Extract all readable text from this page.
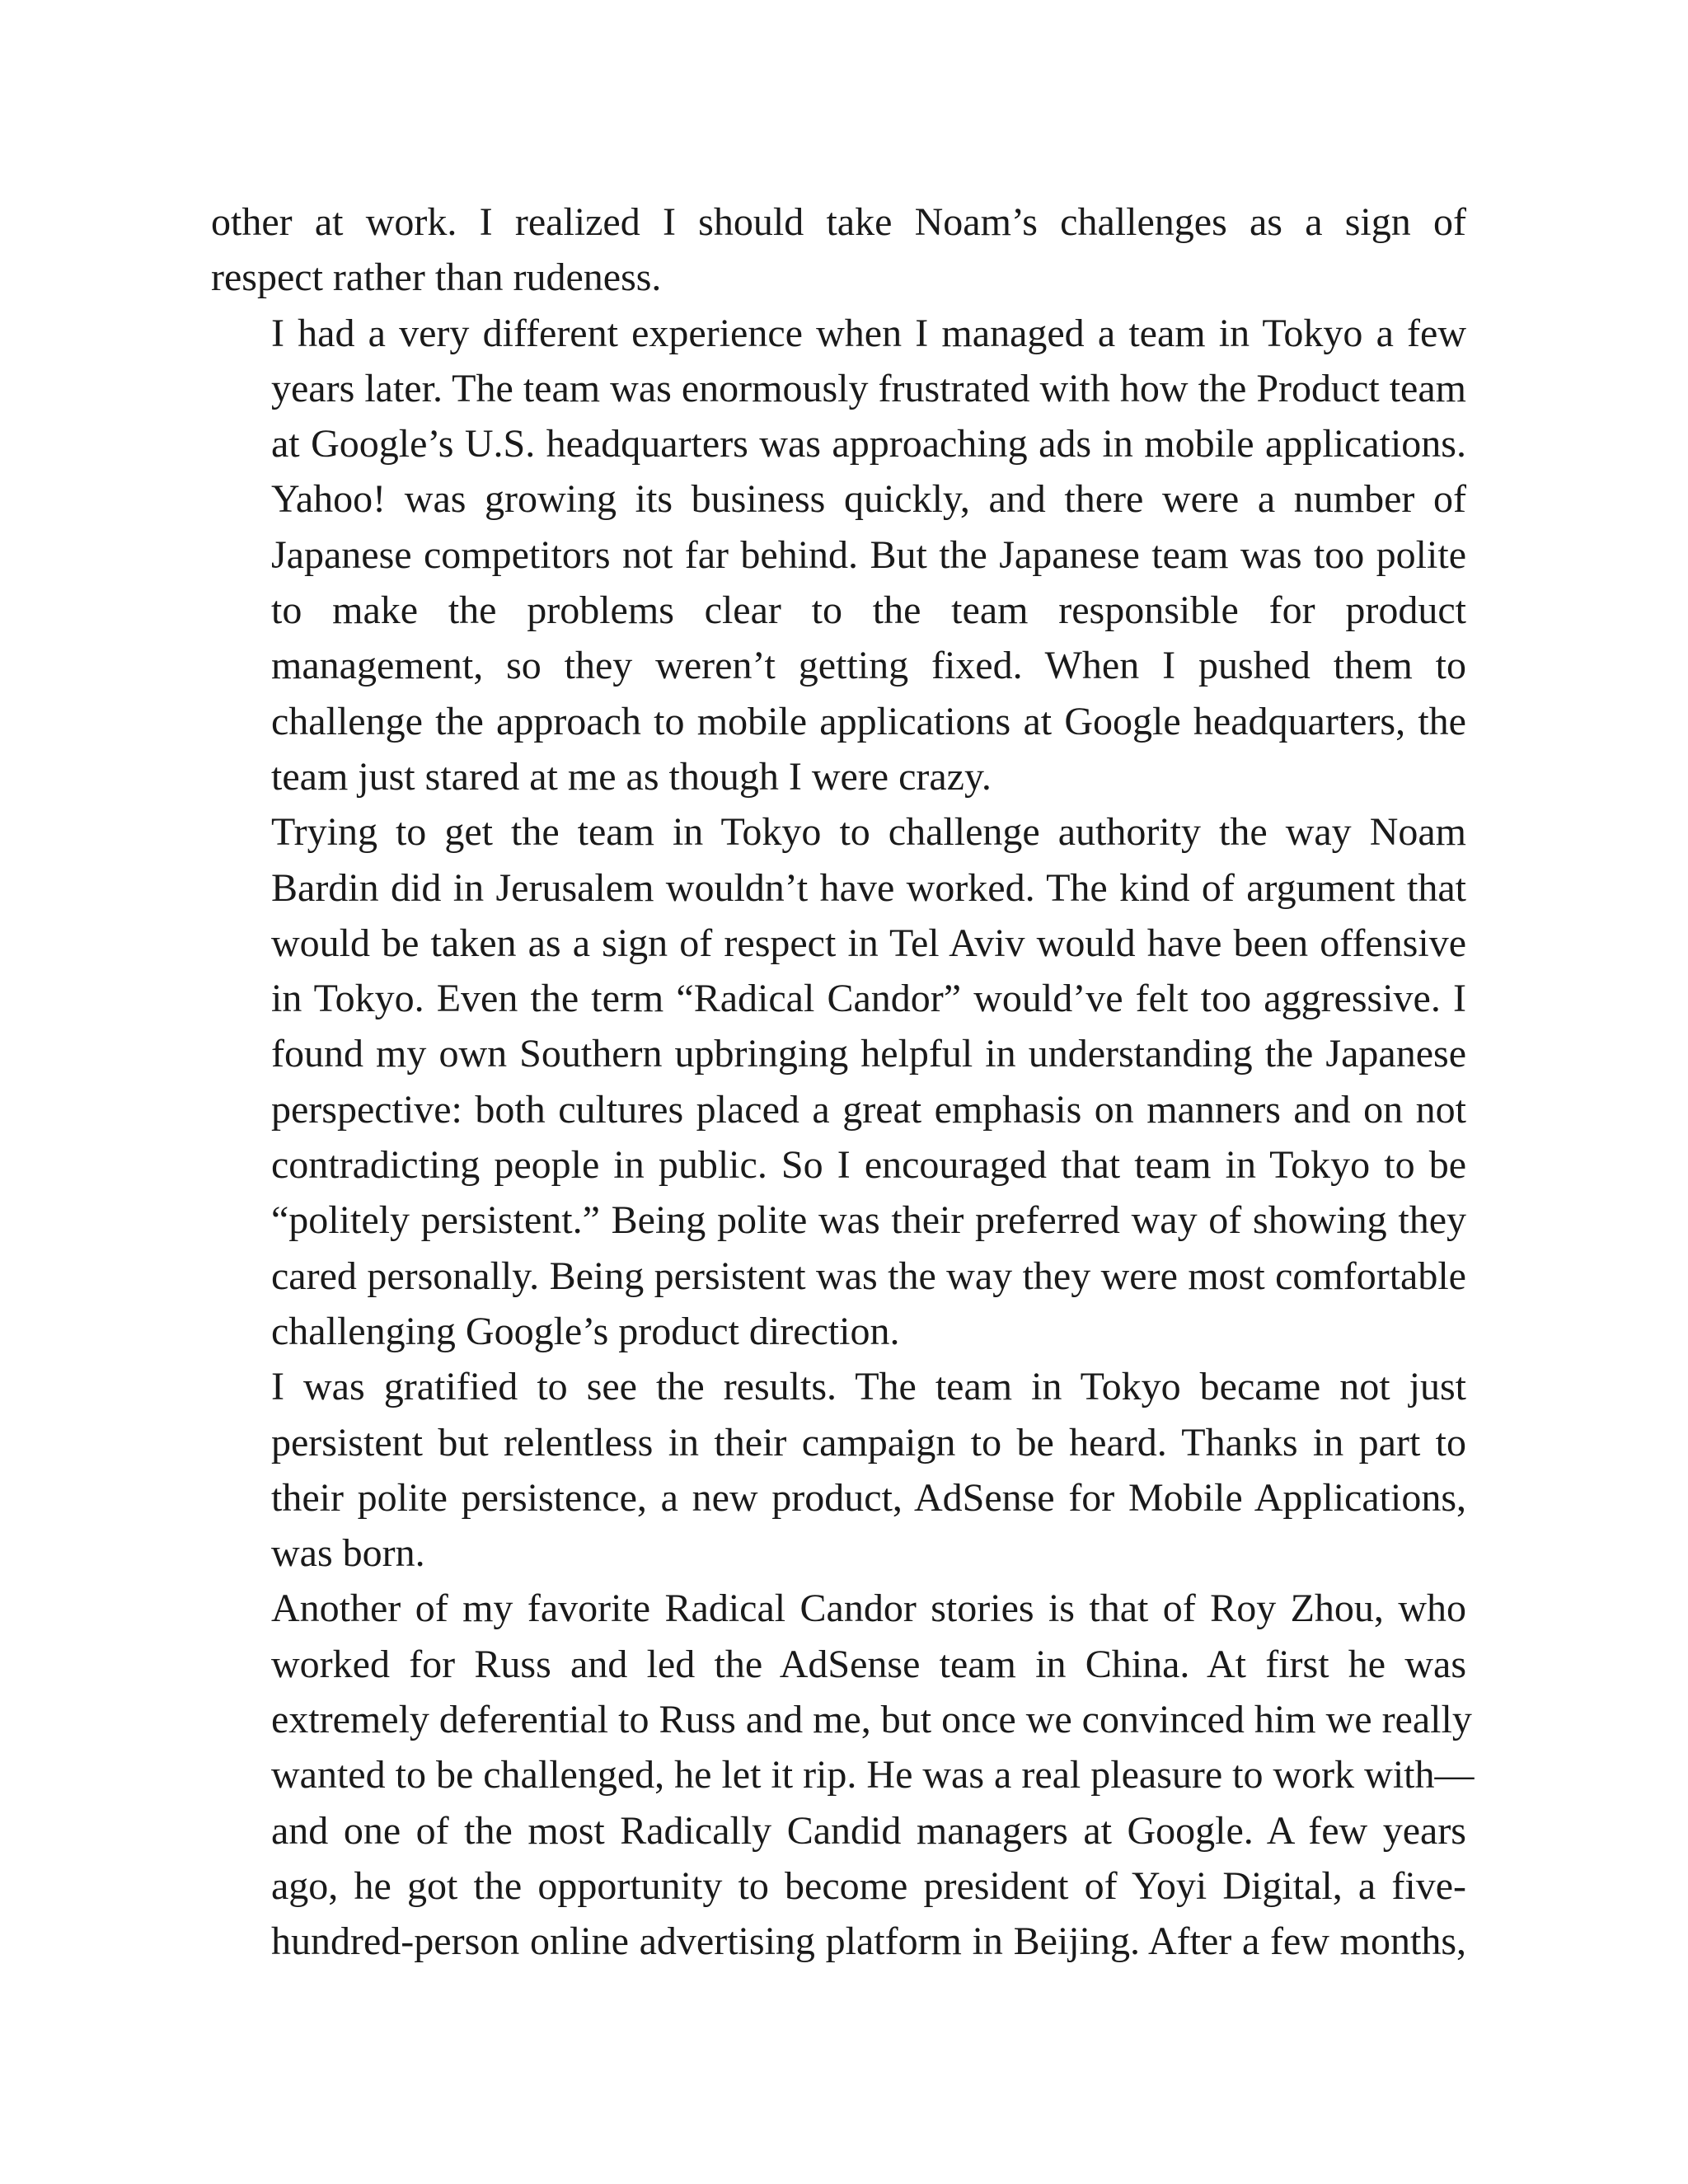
other at work. I realized I should take Noam’s challenges as a sign of
respect rather than rudeness.

I had a very different experience when I managed a team in Tokyo a few
years later. The team was enormously frustrated with how the Product team
at Google’s U.S. headquarters was approaching ads in mobile applications.
Yahoo! was growing its business quickly, and there were a number of
Japanese competitors not far behind. But the Japanese team was too polite
to make the problems clear to the team responsible for product
management, so they weren’t getting fixed. When I pushed them to
challenge the approach to mobile applications at Google headquarters, the
team just stared at me as though I were crazy.

Trying to get the team in Tokyo to challenge authority the way Noam
Bardin did in Jerusalem wouldn’t have worked. The kind of argument that
would be taken as a sign of respect in Tel Aviv would have been offensive
in Tokyo. Even the term “Radical Candor” would’ve felt too aggressive. I
found my own Southern upbringing helpful in understanding the Japanese
perspective: both cultures placed a great emphasis on manners and on not
contradicting people in public. So I encouraged that team in Tokyo to be
“politely persistent.” Being polite was their preferred way of showing they
cared personally. Being persistent was the way they were most comfortable
challenging Google’s product direction.

I was gratified to see the results. The team in Tokyo became not just
persistent but relentless in their campaign to be heard. Thanks in part to
their polite persistence, a new product, AdSense for Mobile Applications,
was born.

Another of my favorite Radical Candor stories is that of Roy Zhou, who
worked for Russ and led the AdSense team in China. At first he was
extremely deferential to Russ and me, but once we convinced him we really
wanted to be challenged, he let it rip. He was a real pleasure to work with—
and one of the most Radically Candid managers at Google. A few years
ago, he got the opportunity to become president of Yoyi Digital, a five-
hundred-person online advertising platform in Beijing. After a few months,
